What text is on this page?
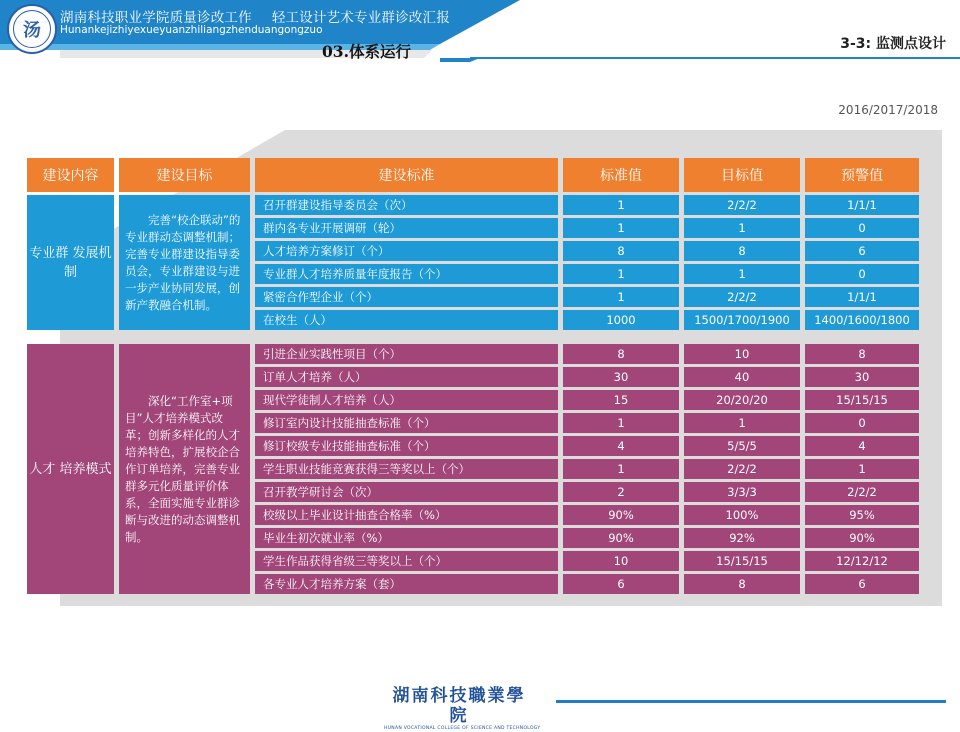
汤
湖南科技职业学院质量诊改工作 轻工设计艺术专业群诊改汇报
Hunankejizhiyexueyuanzhiliangzhenduangongzuo
03.体系运行	3-3: 监测点设计
2016/2017/2018
建设内容	建设目标	建设标准	标准值	目标值	预警值
专业群 发展机制	完善“校企联动”的专业群动态调整机制；完善专业群建设指导委员会，专业群建设与进一步产业协同发展，创新产教融合机制。	召开群建设指导委员会（次）	1	2/2/2	1/1/1
		群内各专业开展调研（轮）	1	1	0
		人才培养方案修订（个）	8	8	6
		专业群人才培养质量年度报告（个）	1	1	0
		紧密合作型企业（个）	1	2/2/2	1/1/1
		在校生（人）	1000	1500/1700/1900	1400/1600/1800

人才 培养模式	深化“工作室+项目”人才培养模式改革；创新多样化的人才培养特色，扩展校企合作订单培养，完善专业群多元化质量评价体系，全面实施专业群诊断与改进的动态调整机制。	引进企业实践性项目（个）	8	10	8
		订单人才培养（人）	30	40	30
		现代学徒制人才培养（人）	15	20/20/20	15/15/15
		修订室内设计技能抽查标准（个）	1	1	0
		修订校级专业技能抽查标准（个）	4	5/5/5	4
		学生职业技能竞赛获得三等奖以上（个）	1	2/2/2	1
		召开教学研讨会（次）	2	3/3/3	2/2/2
		校级以上毕业设计抽查合格率（%）	90%	100%	95%
		毕业生初次就业率（%）	90%	92%	90%
		学生作品获得省级三等奖以上（个）	10	15/15/15	12/12/12
		各专业人才培养方案（套）	6	8	6
湖南科技職業學院
HUNAN VOCATIONAL COLLEGE OF SCIENCE AND TECHNOLOGY
